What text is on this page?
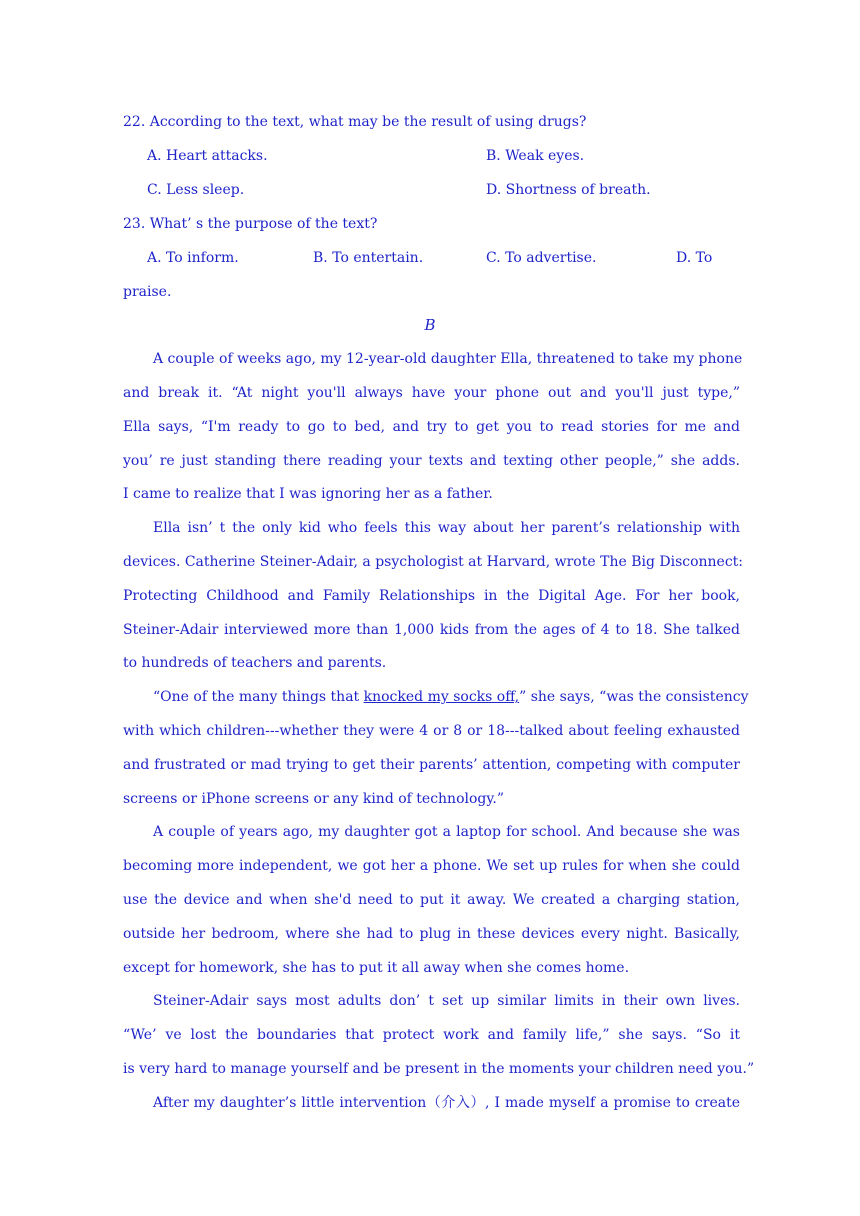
22. According to the text, what may be the result of using drugs?
A. Heart attacks.	B. Weak eyes.
C. Less sleep.	D. Shortness of breath.
23. What’ s the purpose of the text?
A. To inform.	B. To entertain.	C. To advertise.	D. To
praise.
B
A couple of weeks ago, my 12-year-old daughter Ella, threatened to take my phone
and break it. “At night you'll always have your phone out and you'll just type,”
Ella says, “I'm ready to go to bed, and try to get you to read stories for me and
you’ re just standing there reading your texts and texting other people,” she adds.
I came to realize that I was ignoring her as a father.
Ella isn’ t the only kid who feels this way about her parent’s relationship with
devices. Catherine Steiner-Adair, a psychologist at Harvard, wrote The Big Disconnect:
Protecting Childhood and Family Relationships in the Digital Age. For her book,
Steiner-Adair interviewed more than 1,000 kids from the ages of 4 to 18. She talked
to hundreds of teachers and parents.
“One of the many things that knocked my socks off,” she says, “was the consistency
with which children---whether they were 4 or 8 or 18---talked about feeling exhausted
and frustrated or mad trying to get their parents’ attention, competing with computer
screens or iPhone screens or any kind of technology.”
A couple of years ago, my daughter got a laptop for school. And because she was
becoming more independent, we got her a phone. We set up rules for when she could
use the device and when she'd need to put it away. We created a charging station,
outside her bedroom, where she had to plug in these devices every night. Basically,
except for homework, she has to put it all away when she comes home.
Steiner-Adair says most adults don’ t set up similar limits in their own lives.
“We’ ve lost the boundaries that protect work and family life,” she says. “So it
is very hard to manage yourself and be present in the moments your children need you.”
After my daughter’s little intervention（介入）, I made myself a promise to create
